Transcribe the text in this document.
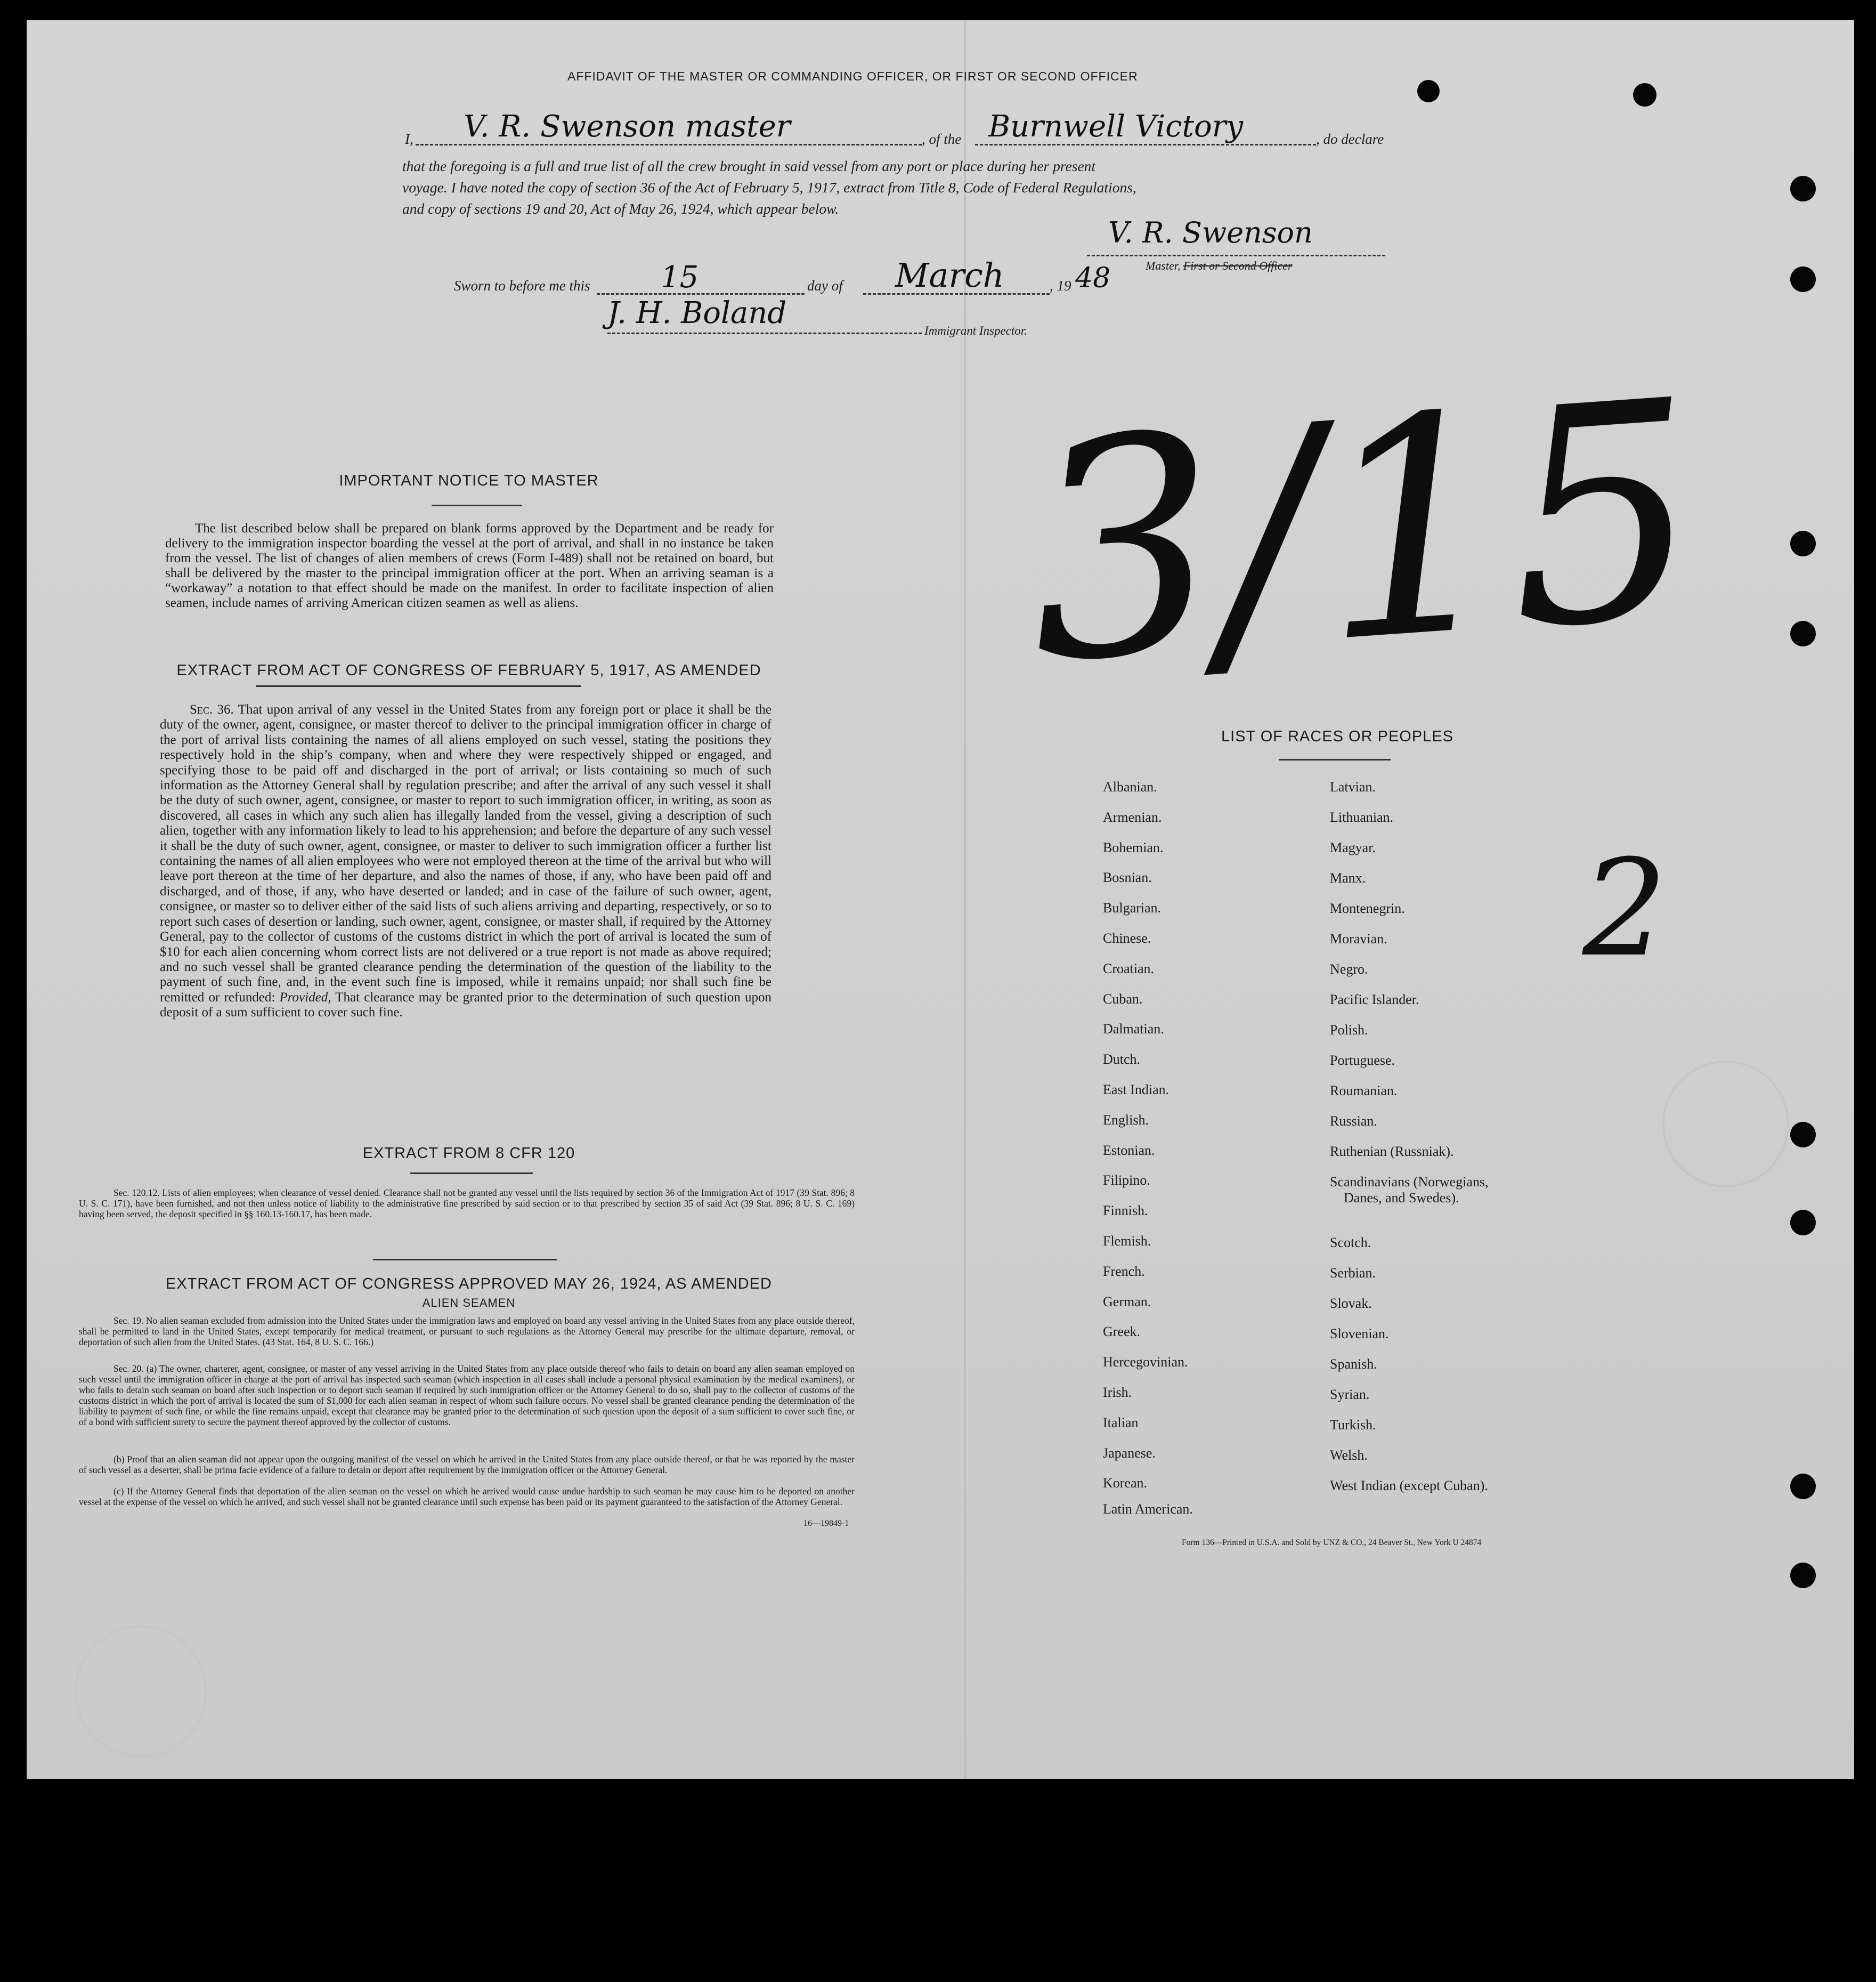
AFFIDAVIT OF THE MASTER OR COMMANDING OFFICER, OR FIRST OR SECOND OFFICER
I, V. R. Swenson master	, of the Burnwell Victory	, do declare
that the foregoing is a full and true list of all the crew brought in said vessel from any port or place during her present
voyage. I have noted the copy of section 36 of the Act of February 5, 1917, extract from Title 8, Code of Federal Regulations,
and copy of sections 19 and 20, Act of May 26, 1924, which appear below.
V. R. Swenson
Master, First or Second Officer
Sworn to before me this 15	day of March	, 19 48
J. H. Boland
Immigrant Inspector.
IMPORTANT NOTICE TO MASTER
The list described below shall be prepared on blank forms approved by the Department and be ready for delivery to the immigration inspector boarding the vessel at the port of arrival, and shall in no instance be taken from the vessel. The list of changes of alien members of crews (Form I-489) shall not be retained on board, but shall be delivered by the master to the principal immigration officer at the port. When an arriving seaman is a “workaway” a notation to that effect should be made on the manifest. In order to facilitate inspection of alien seamen, include names of arriving American citizen seamen as well as aliens.
EXTRACT FROM ACT OF CONGRESS OF FEBRUARY 5, 1917, AS AMENDED
Sec. 36. That upon arrival of any vessel in the United States from any foreign port or place it shall be the duty of the owner, agent, consignee, or master thereof to deliver to the principal immigration officer in charge of the port of arrival lists containing the names of all aliens employed on such vessel, stating the positions they respectively hold in the ship’s company, when and where they were respectively shipped or engaged, and specifying those to be paid off and discharged in the port of arrival; or lists containing so much of such information as the Attorney General shall by regulation prescribe; and after the arrival of any such vessel it shall be the duty of such owner, agent, consignee, or master to report to such immigration officer, in writing, as soon as discovered, all cases in which any such alien has illegally landed from the vessel, giving a description of such alien, together with any information likely to lead to his apprehension; and before the departure of any such vessel it shall be the duty of such owner, agent, consignee, or master to deliver to such immigration officer a further list containing the names of all alien employees who were not employed thereon at the time of the arrival but who will leave port thereon at the time of her departure, and also the names of those, if any, who have been paid off and discharged, and of those, if any, who have deserted or landed; and in case of the failure of such owner, agent, consignee, or master so to deliver either of the said lists of such aliens arriving and departing, respectively, or so to report such cases of desertion or landing, such owner, agent, consignee, or master shall, if required by the Attorney General, pay to the collector of customs of the customs district in which the port of arrival is located the sum of $10 for each alien concerning whom correct lists are not delivered or a true report is not made as above required; and no such vessel shall be granted clearance pending the determination of the question of the liability to the payment of such fine, and, in the event such fine is imposed, while it remains unpaid; nor shall such fine be remitted or refunded: Provided, That clearance may be granted prior to the determination of such question upon deposit of a sum sufficient to cover such fine.
EXTRACT FROM 8 CFR 120
Sec. 120.12. Lists of alien employees; when clearance of vessel denied. Clearance shall not be granted any vessel until the lists required by section 36 of the Immigration Act of 1917 (39 Stat. 896; 8 U. S. C. 171), have been furnished, and not then unless notice of liability to the administrative fine prescribed by said section or to that prescribed by section 35 of said Act (39 Stat. 896; 8 U. S. C. 169) having been served, the deposit specified in §§ 160.13-160.17, has been made.
EXTRACT FROM ACT OF CONGRESS APPROVED MAY 26, 1924, AS AMENDED
ALIEN SEAMEN
Sec. 19. No alien seaman excluded from admission into the United States under the immigration laws and employed on board any vessel arriving in the United States from any place outside thereof, shall be permitted to land in the United States, except temporarily for medical treatment, or pursuant to such regulations as the Attorney General may prescribe for the ultimate departure, removal, or deportation of such alien from the United States. (43 Stat. 164, 8 U. S. C. 166.)
Sec. 20. (a) The owner, charterer, agent, consignee, or master of any vessel arriving in the United States from any place outside thereof who fails to detain on board any alien seaman employed on such vessel until the immigration officer in charge at the port of arrival has inspected such seaman (which inspection in all cases shall include a personal physical examination by the medical examiners), or who fails to detain such seaman on board after such inspection or to deport such seaman if required by such immigration officer or the Attorney General to do so, shall pay to the collector of customs of the customs district in which the port of arrival is located the sum of $1,000 for each alien seaman in respect of whom such failure occurs. No vessel shall be granted clearance pending the determination of the liability to payment of such fine, or while the fine remains unpaid, except that clearance may be granted prior to the determination of such question upon the deposit of a sum sufficient to cover such fine, or of a bond with sufficient surety to secure the payment thereof approved by the collector of customs.
(b) Proof that an alien seaman did not appear upon the outgoing manifest of the vessel on which he arrived in the United States from any place outside thereof, or that he was reported by the master of such vessel as a deserter, shall be prima facie evidence of a failure to detain or deport after requirement by the immigration officer or the Attorney General.
(c) If the Attorney General finds that deportation of the alien seaman on the vessel on which he arrived would cause undue hardship to such seaman he may cause him to be deported on another vessel at the expense of the vessel on which he arrived, and such vessel shall not be granted clearance until such expense has been paid or its payment guaranteed to the satisfaction of the Attorney General.
16—19849-1
LIST OF RACES OR PEOPLES
Albanian.
Armenian.
Bohemian.
Bosnian.
Bulgarian.
Chinese.
Croatian.
Cuban.
Dalmatian.
Dutch.
East Indian.
English.
Estonian.
Filipino.
Finnish.
Flemish.
French.
German.
Greek.
Hercegovinian.
Irish.
Italian
Japanese.
Korean.
Latin American.
Latvian.
Lithuanian.
Magyar.
Manx.
Montenegrin.
Moravian.
Negro.
Pacific Islander.
Polish.
Portuguese.
Roumanian.
Russian.
Ruthenian (Russniak).
Scandinavians (Norwegians,
Danes, and Swedes).
Scotch.
Serbian.
Slovak.
Slovenian.
Spanish.
Syrian.
Turkish.
Welsh.
West Indian (except Cuban).
Form 136—Printed in U.S.A. and Sold by UNZ & CO., 24 Beaver St., New York U 24874
3/15
2
